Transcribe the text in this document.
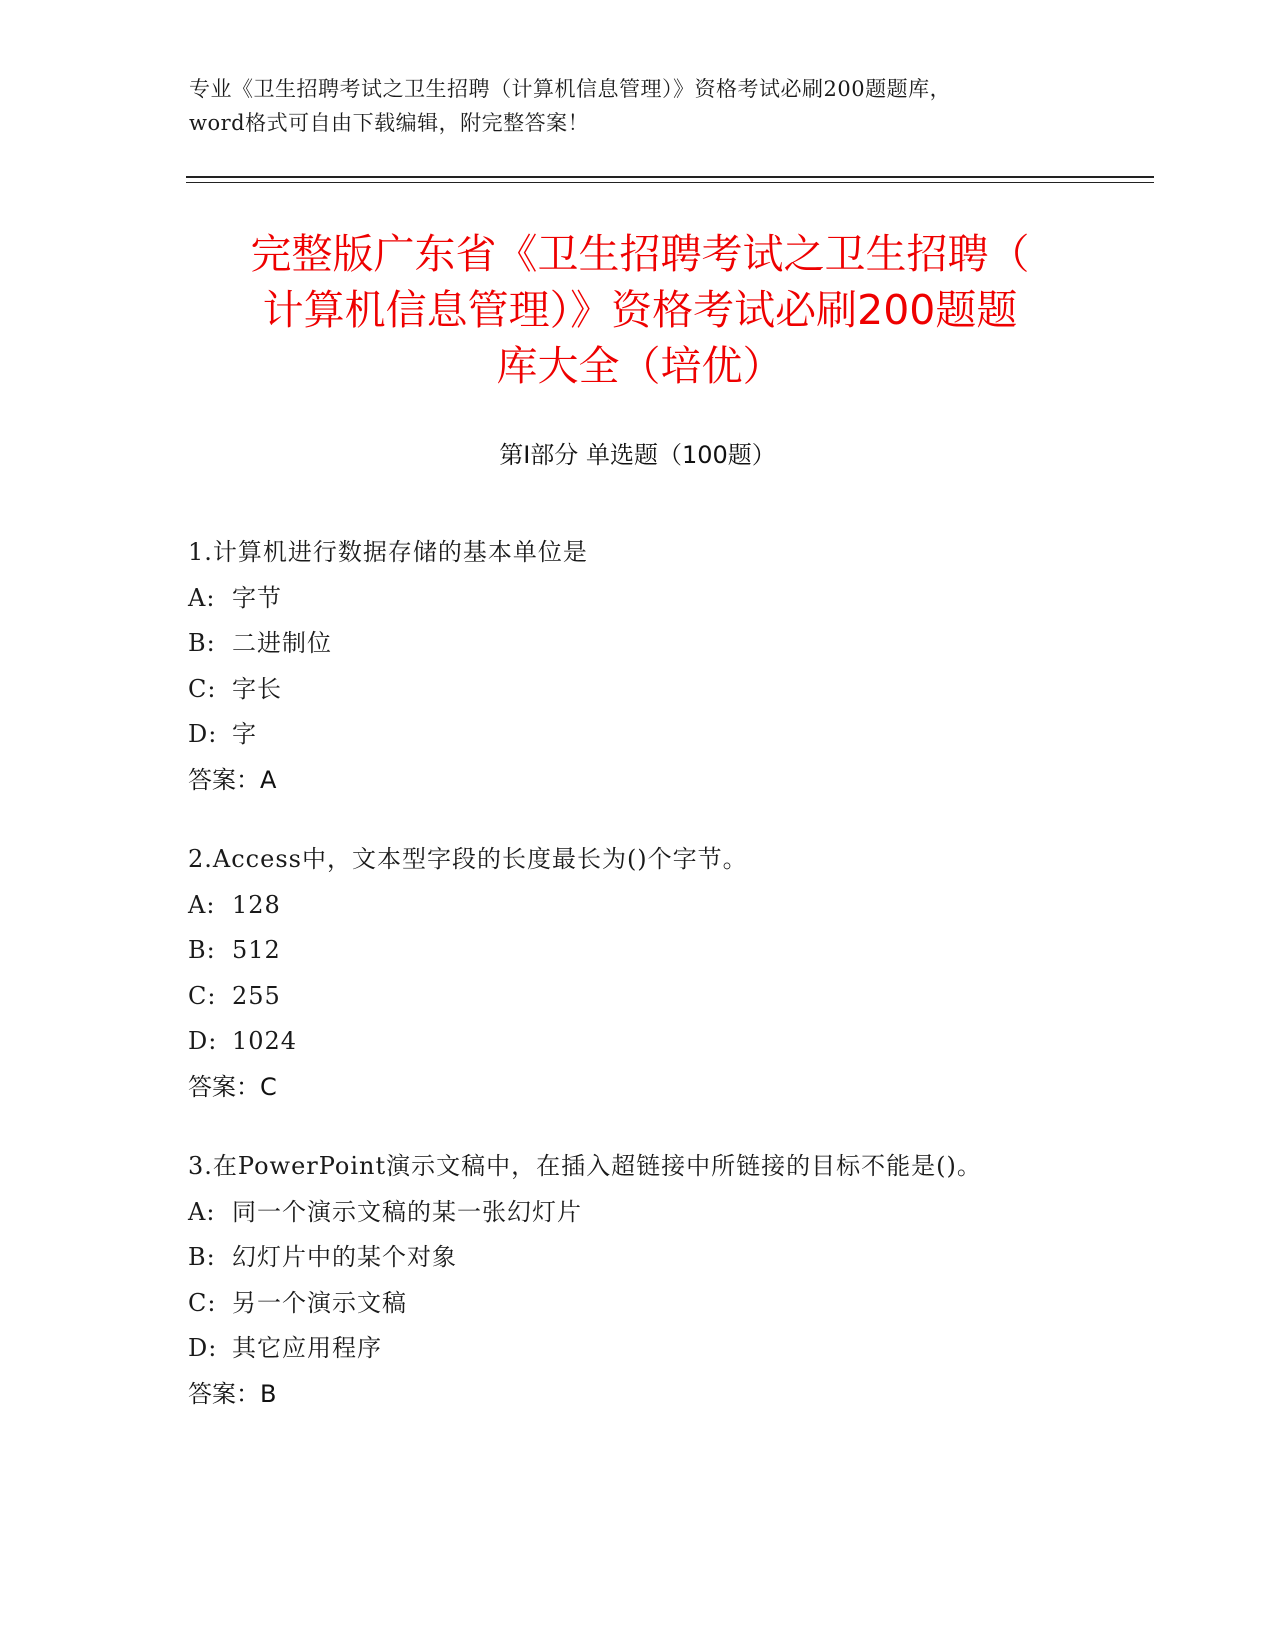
专业《卫生招聘考试之卫生招聘（计算机信息管理）》资格考试必刷200题题库，
word格式可自由下载编辑，附完整答案！
完整版广东省《卫生招聘考试之卫生招聘（
计算机信息管理）》资格考试必刷200题题
库大全（培优）
第Ⅰ部分 单选题（100题）
1.计算机进行数据存储的基本单位是
A: 字节
B: 二进制位
C: 字长
D: 字
答案：A
2.Access中，文本型字段的长度最长为()个字节。
A: 128
B: 512
C: 255
D: 1024
答案：C
3.在PowerPoint演示文稿中，在插入超链接中所链接的目标不能是()。
A: 同一个演示文稿的某一张幻灯片
B: 幻灯片中的某个对象
C: 另一个演示文稿
D: 其它应用程序
答案：B
